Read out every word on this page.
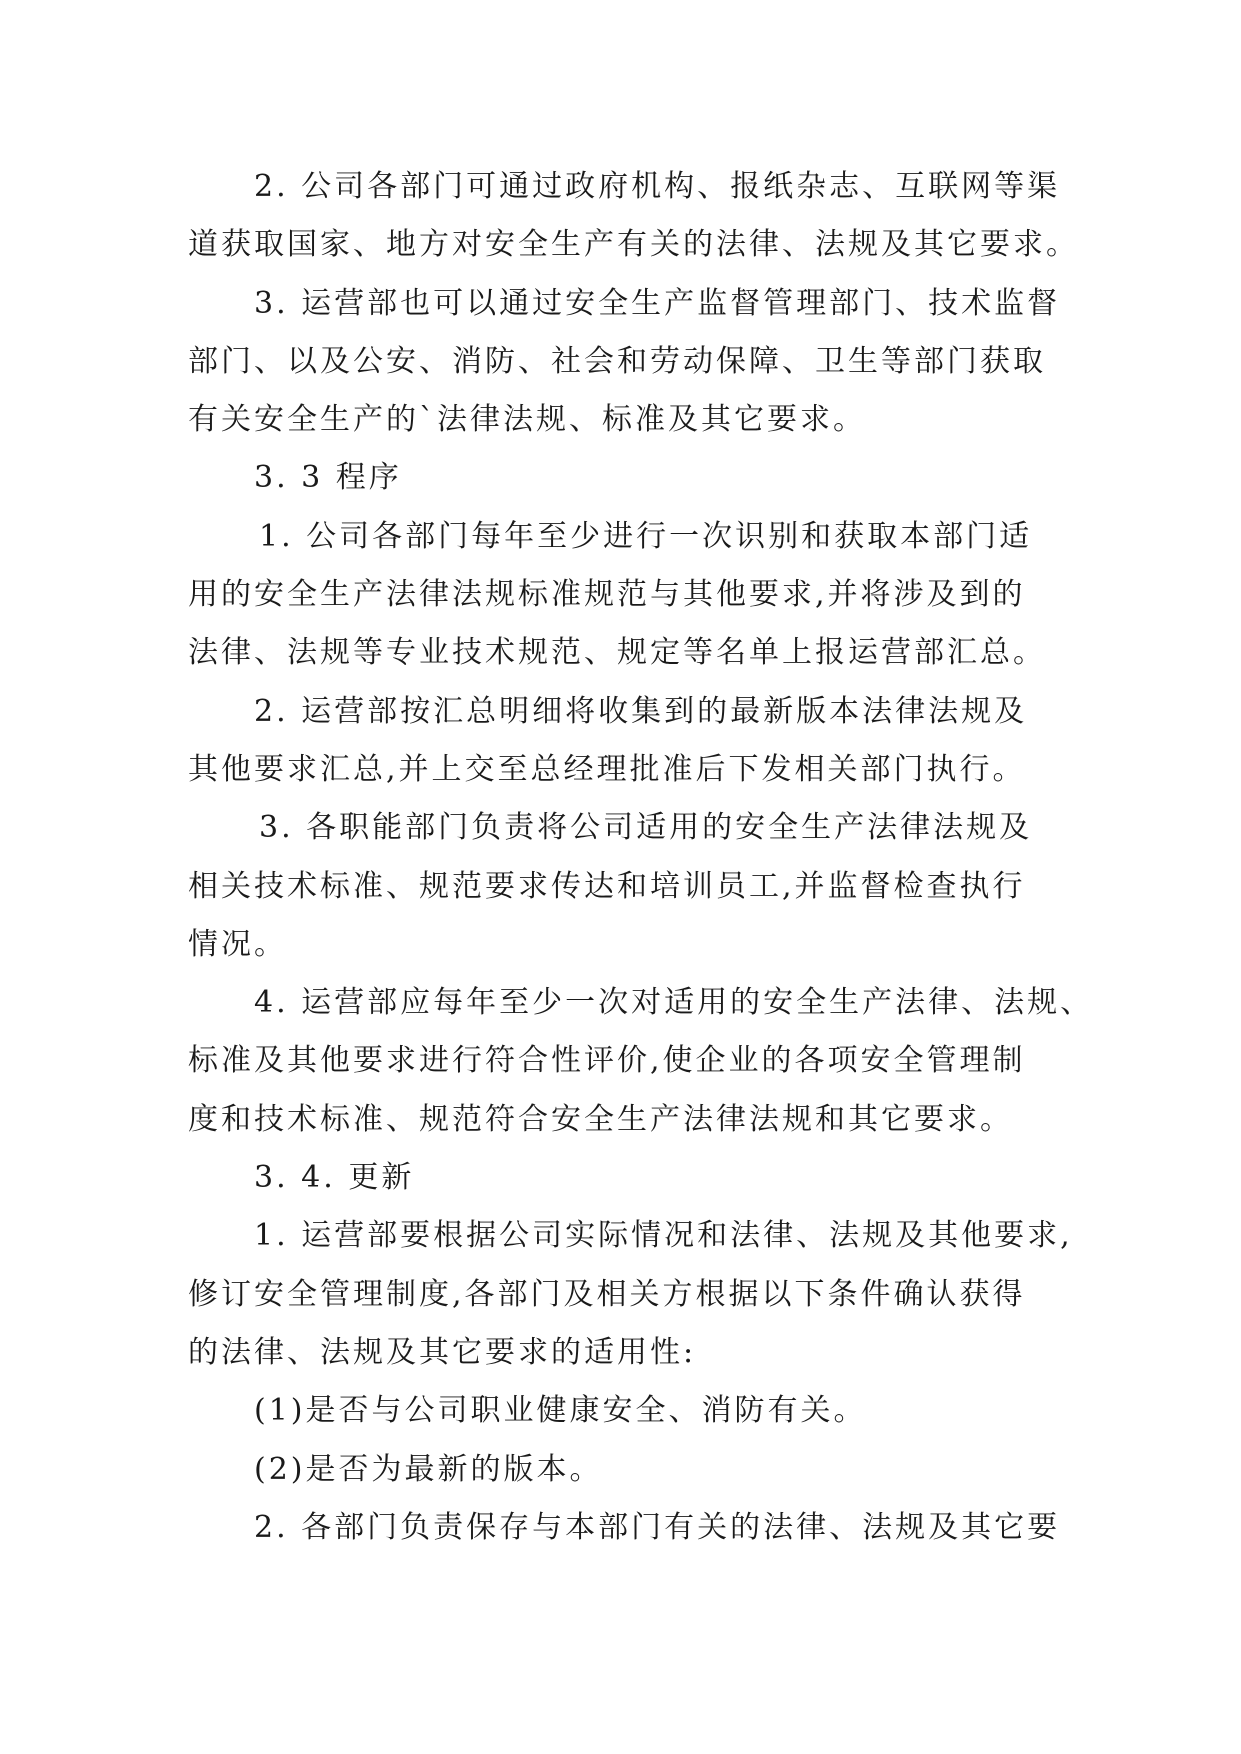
2. 公司各部门可通过政府机构、报纸杂志、互联网等渠
道获取国家、地方对安全生产有关的法律、法规及其它要求。
3. 运营部也可以通过安全生产监督管理部门、技术监督
部门、以及公安、消防、社会和劳动保障、卫生等部门获取
有关安全生产的`法律法规、标准及其它要求。
3. 3 程序
1. 公司各部门每年至少进行一次识别和获取本部门适
用的安全生产法律法规标准规范与其他要求,并将涉及到的
法律、法规等专业技术规范、规定等名单上报运营部汇总。
2. 运营部按汇总明细将收集到的最新版本法律法规及
其他要求汇总,并上交至总经理批准后下发相关部门执行。
3. 各职能部门负责将公司适用的安全生产法律法规及
相关技术标准、规范要求传达和培训员工,并监督检查执行
情况。
4. 运营部应每年至少一次对适用的安全生产法律、法规、
标准及其他要求进行符合性评价,使企业的各项安全管理制
度和技术标准、规范符合安全生产法律法规和其它要求。
3. 4. 更新
1. 运营部要根据公司实际情况和法律、法规及其他要求,
修订安全管理制度,各部门及相关方根据以下条件确认获得
的法律、法规及其它要求的适用性:
(1)是否与公司职业健康安全、消防有关。
(2)是否为最新的版本。
2. 各部门负责保存与本部门有关的法律、法规及其它要
